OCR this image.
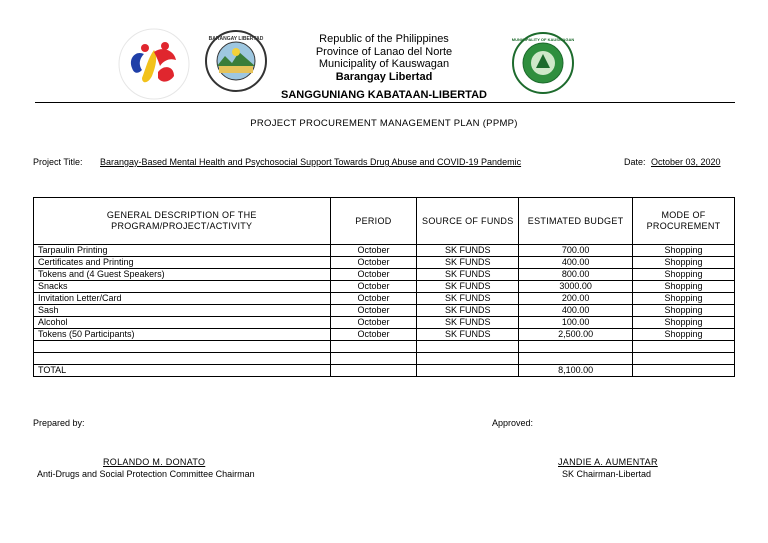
BARANGAY LIBERTAD	MUNICIPALITY OF KAUSWAGAN
Republic of the Philippines
Province of Lanao del Norte
Municipality of Kauswagan
Barangay Libertad
SANGGUNIANG KABATAAN-LIBERTAD
PROJECT PROCUREMENT MANAGEMENT PLAN (PPMP)
Project Title: Barangay-Based Mental Health and Psychosocial Support Towards Drug Abuse and COVID-19 Pandemic	Date: October 03, 2020
GENERAL DESCRIPTION OF THE PROGRAM/PROJECT/ACTIVITY	PERIOD	SOURCE OF FUNDS	ESTIMATED BUDGET	MODE OF PROCUREMENT
Tarpaulin Printing	October	SK FUNDS	700.00	Shopping
Certificates and Printing	October	SK FUNDS	400.00	Shopping
Tokens and (4 Guest Speakers)	October	SK FUNDS	800.00	Shopping
Snacks	October	SK FUNDS	3000.00	Shopping
Invitation Letter/Card	October	SK FUNDS	200.00	Shopping
Sash	October	SK FUNDS	400.00	Shopping
Alcohol	October	SK FUNDS	100.00	Shopping
Tokens (50 Participants)	October	SK FUNDS	2,500.00	Shopping

TOTAL			8,100.00	
Prepared by:	Approved:
ROLANDO M. DONATO
Anti-Drugs and Social Protection Committee Chairman
JANDIE A. AUMENTAR
SK Chairman-Libertad
